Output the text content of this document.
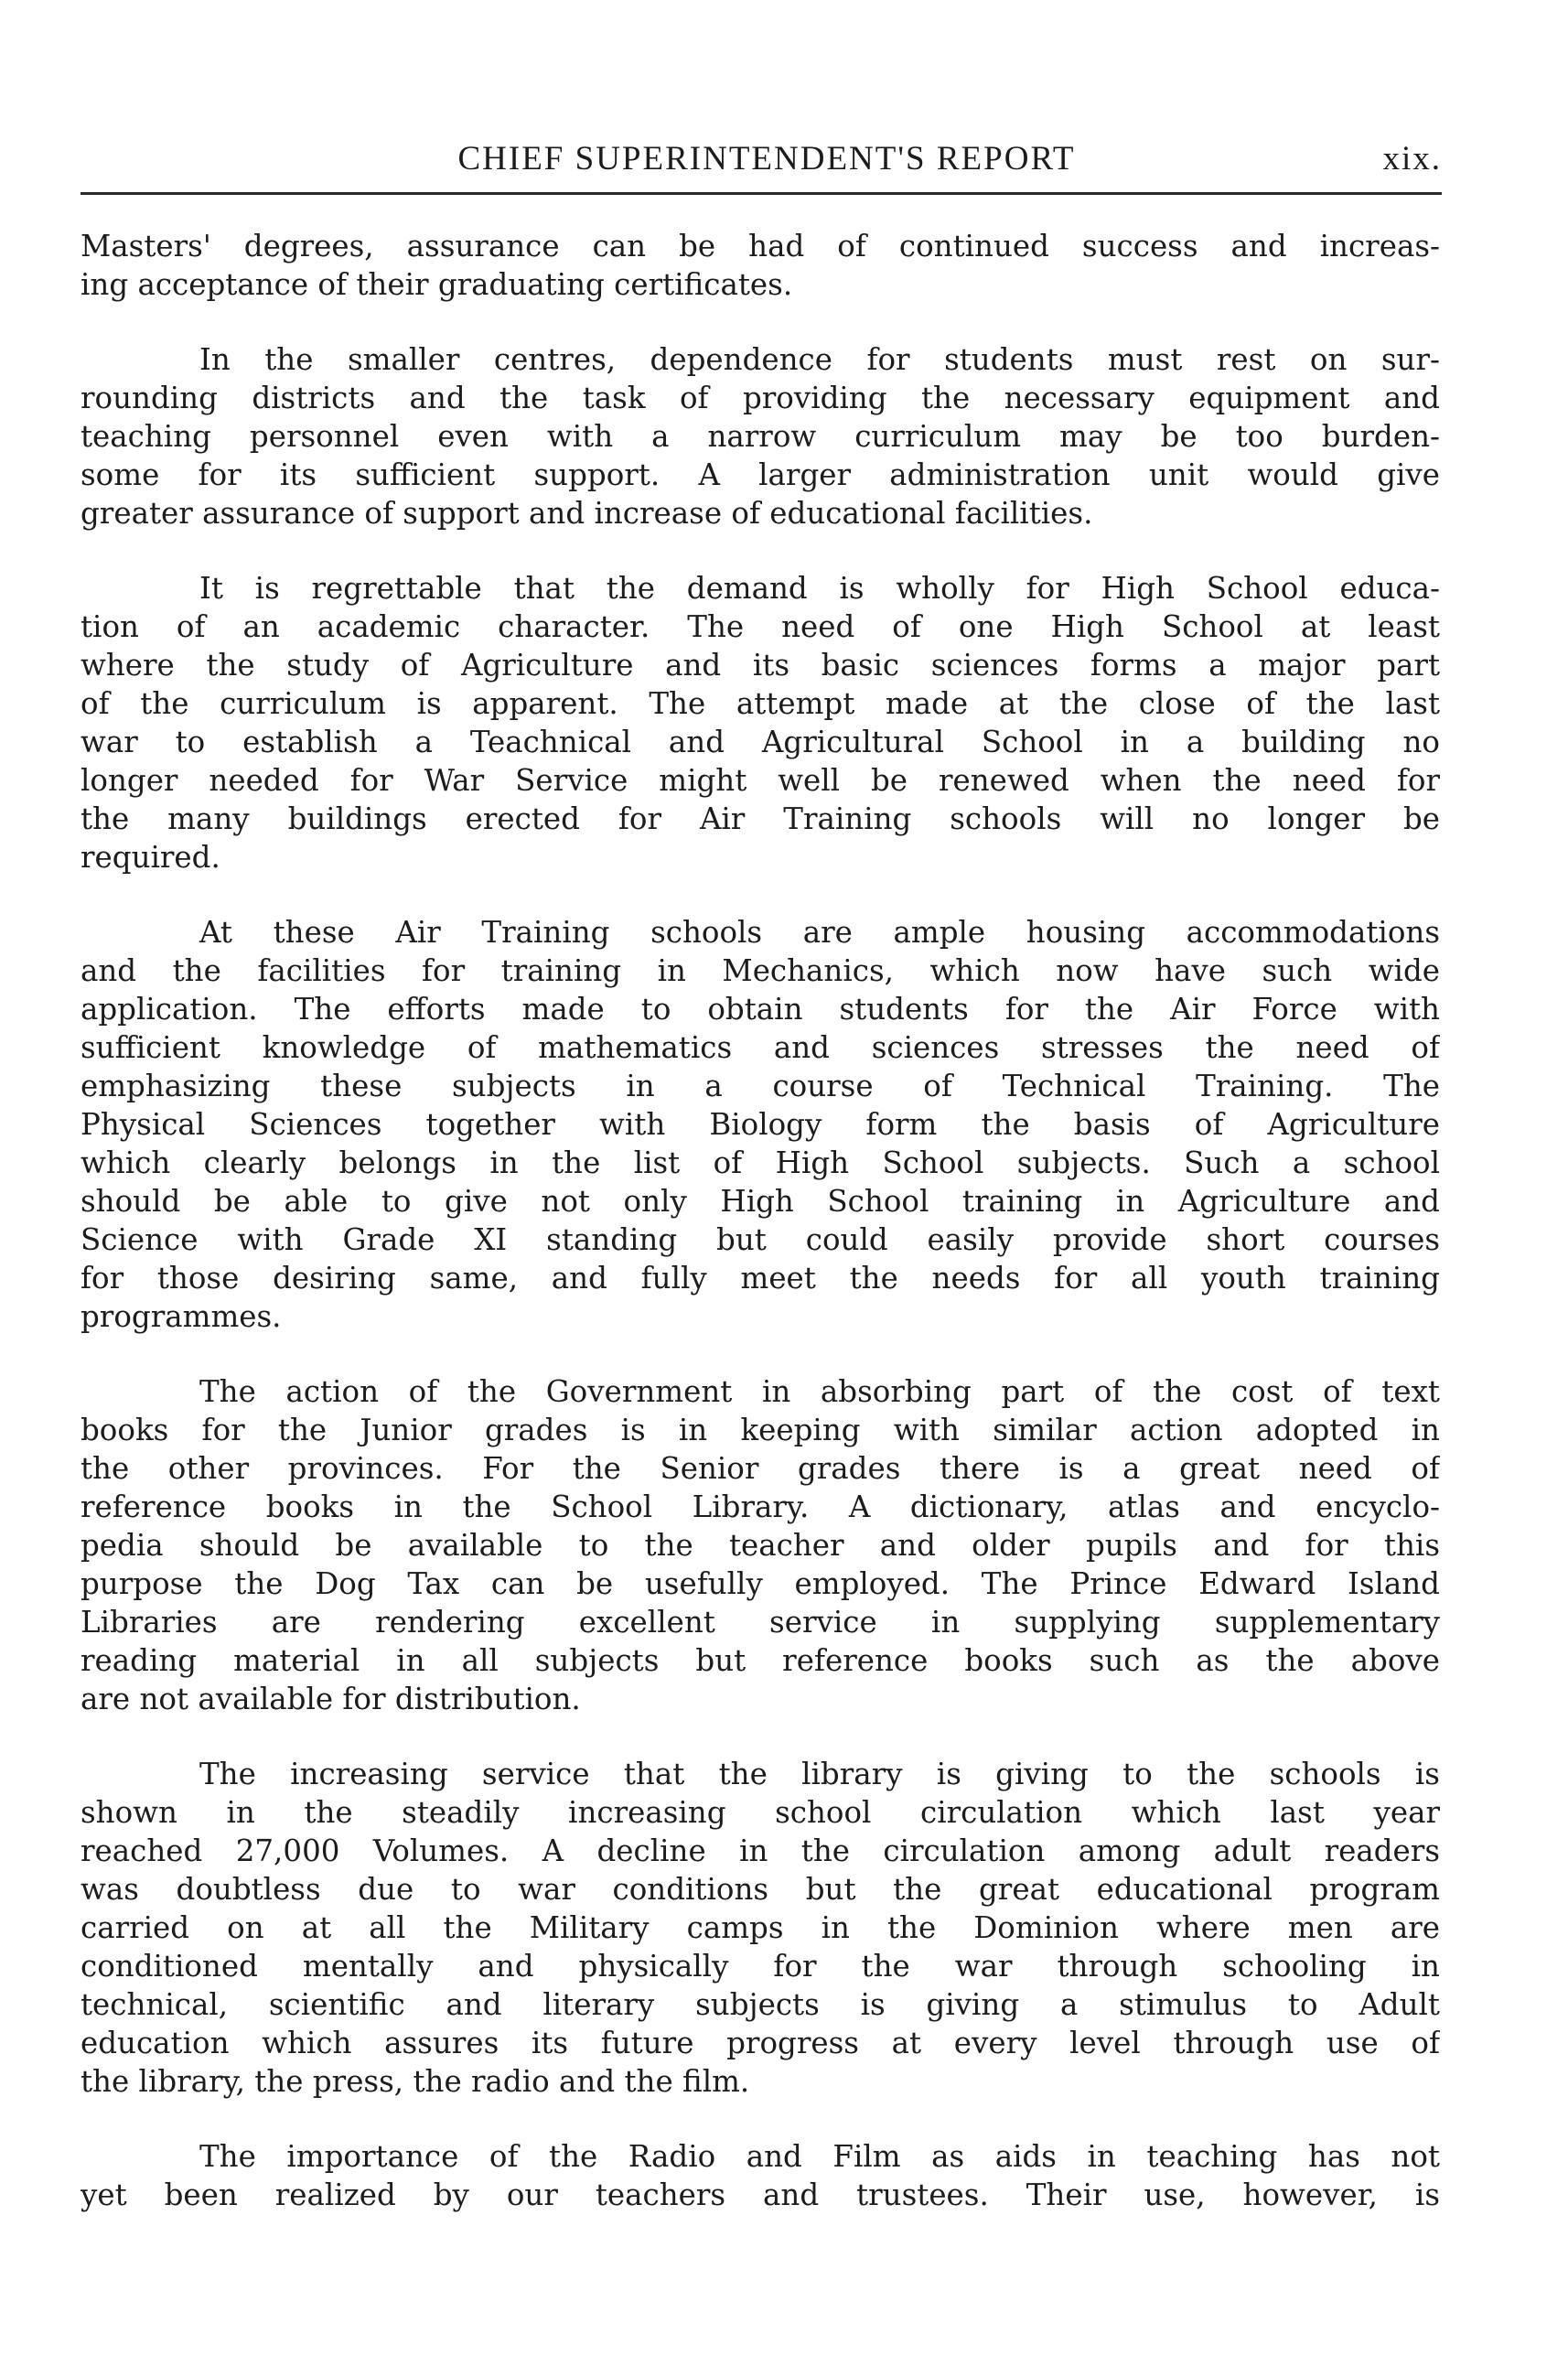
CHIEF SUPERINTENDENT'S REPORT	xix.
Masters' degrees, assurance can be had of continued success and increas-
ing acceptance of their graduating certificates.
In the smaller centres, dependence for students must rest on sur-
rounding districts and the task of providing the necessary equipment and
teaching personnel even with a narrow curriculum may be too burden-
some for its sufficient support. A larger administration unit would give
greater assurance of support and increase of educational facilities.
It is regrettable that the demand is wholly for High School educa-
tion of an academic character. The need of one High School at least
where the study of Agriculture and its basic sciences forms a major part
of the curriculum is apparent. The attempt made at the close of the last
war to establish a Teachnical and Agricultural School in a building no
longer needed for War Service might well be renewed when the need for
the many buildings erected for Air Training schools will no longer be
required.
At these Air Training schools are ample housing accommodations
and the facilities for training in Mechanics, which now have such wide
application. The efforts made to obtain students for the Air Force with
sufficient knowledge of mathematics and sciences stresses the need of
emphasizing these subjects in a course of Technical Training. The
Physical Sciences together with Biology form the basis of Agriculture
which clearly belongs in the list of High School subjects. Such a school
should be able to give not only High School training in Agriculture and
Science with Grade XI standing but could easily provide short courses
for those desiring same, and fully meet the needs for all youth training
programmes.
The action of the Government in absorbing part of the cost of text
books for the Junior grades is in keeping with similar action adopted in
the other provinces. For the Senior grades there is a great need of
reference books in the School Library. A dictionary, atlas and encyclo-
pedia should be available to the teacher and older pupils and for this
purpose the Dog Tax can be usefully employed. The Prince Edward Island
Libraries are rendering excellent service in supplying supplementary
reading material in all subjects but reference books such as the above
are not available for distribution.
The increasing service that the library is giving to the schools is
shown in the steadily increasing school circulation which last year
reached 27,000 Volumes. A decline in the circulation among adult readers
was doubtless due to war conditions but the great educational program
carried on at all the Military camps in the Dominion where men are
conditioned mentally and physically for the war through schooling in
technical, scientific and literary subjects is giving a stimulus to Adult
education which assures its future progress at every level through use of
the library, the press, the radio and the film.
The importance of the Radio and Film as aids in teaching has not
yet been realized by our teachers and trustees. Their use, however, is
